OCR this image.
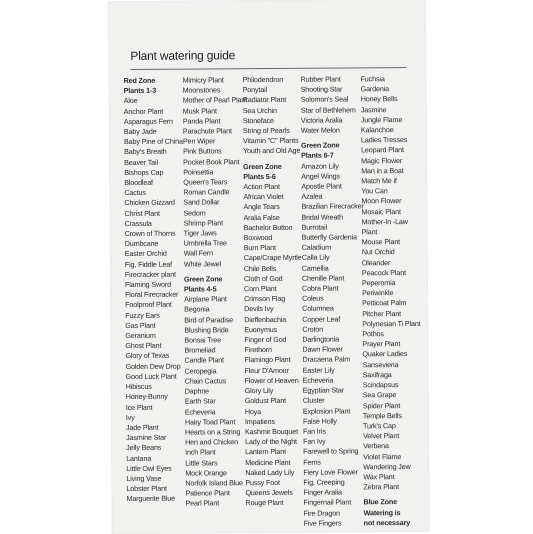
Plant watering guide
Red Zone
Plants 1-3
Aloe
Anchor Plant
Asparagus Fern
Baby Jade
Baby Pine of China
Baby's Breath
Beaver Tail
Bishops Cap
Bloodleaf
Cactus
Chicken Gizzard
Christ Plant
Crassula
Crown of Thorns
Dumbcane
Easter Orchid
Fig, Fiddle Leaf
Firecracker plant
Flaming Sword
Floral Firecracker
Foolproof Plant
Fuzzy Ears
Gas Plant
Geranium
Ghost Plant
Glory of Texas
Golden Dew Drop
Good Luck Plant
Hibiscus
Honey-Bunny
Ice Plant
Ivy
Jade Plant
Jasmine Star
Jelly Beans
Lantana
Little Owl Eyes
Living Vase
Lobster Plant
Marguerite Blue
Mimicry Plant
Moonstones
Mother of Pearl Plant
Musk Plant
Panda Plant
Parachute Plant
Pen Wiper
Pink Buttons
Pocket Book Plant
Poinsettia
Queen's Tears
Roman Candle
Sand Dollar
Sedom
Shrimp Plant
Tiger Jaws
Umbrella Tree
Wall Fern
White Jewel
Green Zone
Plants 4-5
Airplane Plant
Begonia
Bird of Paradise
Blushing Bride
Bonsai Tree
Bromeliad
Candle Plant
Ceropegia
Chain Cactus
Daphne
Earth Star
Echeveria
Hairy Toad Plant
Hearts on a String
Hen and Chicken
Inch Plant
Little Stars
Mock Orange
Norfolk Island Blue
Patience Plant
Pearl Plant
Philodendron
Ponytail
Radiator Plant
Sea Urchin
Stonefacе
String of Pearls
Vitamin "C" Plants
Youth and Old Age
Green Zone
Plants 5-6
Action Plant
African Violet
Angle Tears
Aralia False
Bachelor Button
Boxwood
Burn Plant
Cape/Crape Myrtle
Chile Bells
Cloth of God
Corn Plant
Crimson Flag
Devils Ivy
Dieffenbachia
Euonymus
Finger of God
Firethorn
Flamingo Plant
Fleur D'Amour
Flower of Heaven
Glory Lily
Goldust Plant
Hoya
Impatiens
Kashmir Bouquet
Lady of the Night
Lantern Plant
Medicine Plant
Naked Lady Lily
Pussy Foot
Queens Jewels
Rouge Plant
Rubber Plant
Shooting Star
Solomon's Seal
Star of Bethlehem
Victoria Aralia
Water Melon
Green Zone
Plants 6-7
Amazon Lily
Angel Wings
Apostle Plant
Azalea
Brazilian Firecracker
Bridal Wreath
Burrotail
Butterfly Gardenia
Caladium
Calla Lily
Camellia
Chenille Plant
Cobra Plant
Coleus
Columnea
Copper Leaf
Croton
Darlingtonia
Dawn Flower
Dracaena Palm
Easter Lily
Echeveria
Egyptian Star Cluster
Explosion Plant
False Holly
Fan Iris
Fan Ivy
Farewell to Spring
Ferns
Fiery Love Flower
Fig, Creeping
Finger Aralia
Fingernail Plant
Fire Dragon
Five Fingers
Fuchsia
Gardenia
Honey Bells
Jasmine
Jungle Flame
Kalanchoe
Ladies Tresses
Leopard Plant
Magic Flower
Man in a Boat
Match Me if You Can
Moon Flower
Mosaic Plant
Mother-In -Law Plant
Mouse Plant
Nut Orchid
Oleander
Peacock Plant
Peperomia
Periwinkle
Petticoat Palm
Pitcher Plant
Polynesian Ti Plant
Pothos
Prayer Plant
Quaker Ladies
Sansevieria
Saxifraga
Scindapsus
Sea Grape
Spider Plant
Temple Bells
Turk's Cap
Velvet Plant
Verbena
Violet Flame
Wandering Jew
Wax Plant
Zebra Plant
Blue Zone Watering is not necessary
